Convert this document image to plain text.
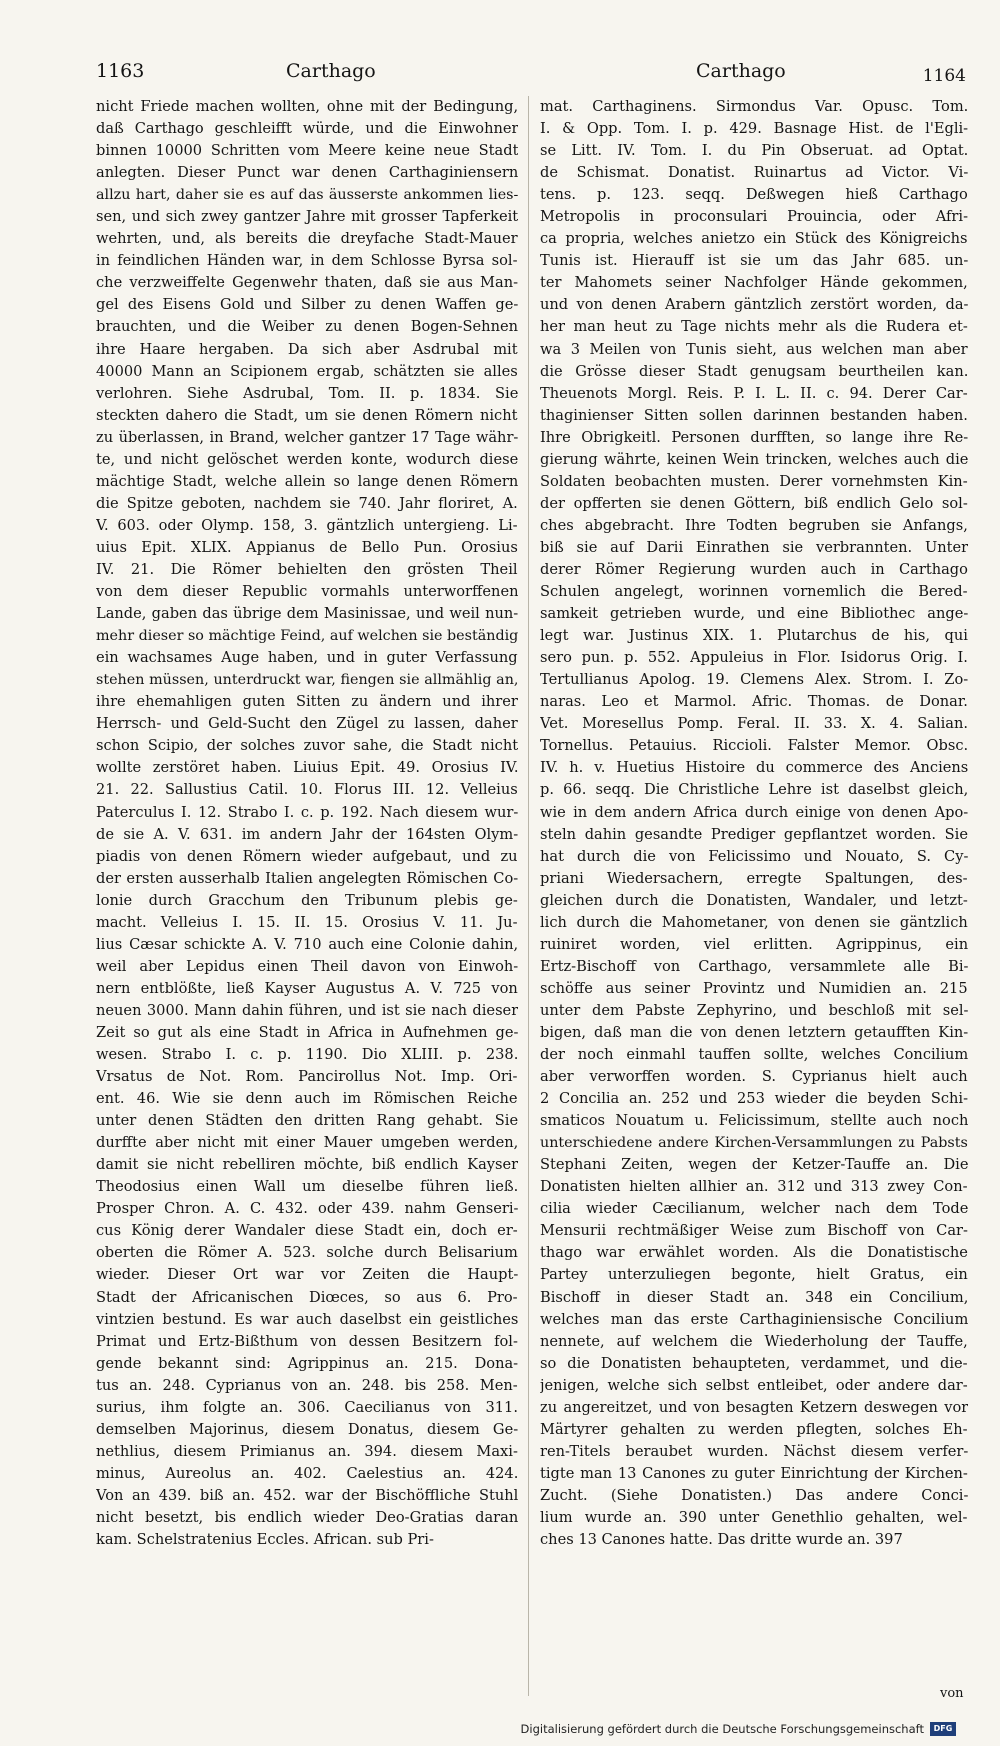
1163	Carthago	Carthago	1164
nicht Friede machen wollten, ohne mit der Bedingung,
daß Carthago geschleifft würde, und die Einwohner
binnen 10000 Schritten vom Meere keine neue Stadt
anlegten. Dieser Punct war denen Carthaginiensern
allzu hart, daher sie es auf das äusserste ankommen lies-
sen, und sich zwey gantzer Jahre mit grosser Tapferkeit
wehrten, und, als bereits die dreyfache Stadt-Mauer
in feindlichen Händen war, in dem Schlosse Byrsa sol-
che verzweiffelte Gegenwehr thaten, daß sie aus Man-
gel des Eisens Gold und Silber zu denen Waffen ge-
brauchten, und die Weiber zu denen Bogen-Sehnen
ihre Haare hergaben. Da sich aber Asdrubal mit
40000 Mann an Scipionem ergab, schätzten sie alles
verlohren. Siehe Asdrubal, Tom. II. p. 1834. Sie
steckten dahero die Stadt, um sie denen Römern nicht
zu überlassen, in Brand, welcher gantzer 17 Tage währ-
te, und nicht gelöschet werden konte, wodurch diese
mächtige Stadt, welche allein so lange denen Römern
die Spitze geboten, nachdem sie 740. Jahr floriret, A.
V. 603. oder Olymp. 158, 3. gäntzlich untergieng. Li-
uius Epit. XLIX. Appianus de Bello Pun. Orosius
IV. 21. Die Römer behielten den grösten Theil
von dem dieser Republic vormahls unterworffenen
Lande, gaben das übrige dem Masinissae, und weil nun-
mehr dieser so mächtige Feind, auf welchen sie beständig
ein wachsames Auge haben, und in guter Verfassung
stehen müssen, unterdruckt war, fiengen sie allmählig an,
ihre ehemahligen guten Sitten zu ändern und ihrer
Herrsch- und Geld-Sucht den Zügel zu lassen, daher
schon Scipio, der solches zuvor sahe, die Stadt nicht
wollte zerstöret haben. Liuius Epit. 49. Orosius IV.
21. 22. Sallustius Catil. 10. Florus III. 12. Velleius
Paterculus I. 12. Strabo I. c. p. 192. Nach diesem wur-
de sie A. V. 631. im andern Jahr der 164sten Olym-
piadis von denen Römern wieder aufgebaut, und zu
der ersten ausserhalb Italien angelegten Römischen Co-
lonie durch Gracchum den Tribunum plebis ge-
macht. Velleius I. 15. II. 15. Orosius V. 11. Ju-
lius Cæsar schickte A. V. 710 auch eine Colonie dahin,
weil aber Lepidus einen Theil davon von Einwoh-
nern entblößte, ließ Kayser Augustus A. V. 725 von
neuen 3000. Mann dahin führen, und ist sie nach dieser
Zeit so gut als eine Stadt in Africa in Aufnehmen ge-
wesen. Strabo I. c. p. 1190. Dio XLIII. p. 238.
Vrsatus de Not. Rom. Pancirollus Not. Imp. Ori-
ent. 46. Wie sie denn auch im Römischen Reiche
unter denen Städten den dritten Rang gehabt. Sie
durffte aber nicht mit einer Mauer umgeben werden,
damit sie nicht rebelliren möchte, biß endlich Kayser
Theodosius einen Wall um dieselbe führen ließ.
Prosper Chron. A. C. 432. oder 439. nahm Genseri-
cus König derer Wandaler diese Stadt ein, doch er-
oberten die Römer A. 523. solche durch Belisarium
wieder. Dieser Ort war vor Zeiten die Haupt-
Stadt der Africanischen Diœces, so aus 6. Pro-
vintzien bestund. Es war auch daselbst ein geistliches
Primat und Ertz-Bißthum von dessen Besitzern fol-
gende bekannt sind: Agrippinus an. 215. Dona-
tus an. 248. Cyprianus von an. 248. bis 258. Men-
surius, ihm folgte an. 306. Caecilianus von 311.
demselben Majorinus, diesem Donatus, diesem Ge-
nethlius, diesem Primianus an. 394. diesem Maxi-
minus, Aureolus an. 402. Caelestius an. 424.
Von an 439. biß an. 452. war der Bischöffliche Stuhl
nicht besetzt, bis endlich wieder Deo-Gratias daran
kam. Schelstratenius Eccles. African. sub Pri-
mat. Carthaginens. Sirmondus Var. Opusc. Tom.
I. & Opp. Tom. I. p. 429. Basnage Hist. de l'Egli-
se Litt. IV. Tom. I. du Pin Obseruat. ad Optat.
de Schismat. Donatist. Ruinartus ad Victor. Vi-
tens. p. 123. seqq. Deßwegen hieß Carthago
Metropolis in proconsulari Prouincia, oder Afri-
ca propria, welches anietzo ein Stück des Königreichs
Tunis ist. Hierauff ist sie um das Jahr 685. un-
ter Mahomets seiner Nachfolger Hände gekommen,
und von denen Arabern gäntzlich zerstört worden, da-
her man heut zu Tage nichts mehr als die Rudera et-
wa 3 Meilen von Tunis sieht, aus welchen man aber
die Grösse dieser Stadt genugsam beurtheilen kan.
Theuenots Morgl. Reis. P. I. L. II. c. 94. Derer Car-
thaginienser Sitten sollen darinnen bestanden haben.
Ihre Obrigkeitl. Personen durfften, so lange ihre Re-
gierung währte, keinen Wein trincken, welches auch die
Soldaten beobachten musten. Derer vornehmsten Kin-
der opfferten sie denen Göttern, biß endlich Gelo sol-
ches abgebracht. Ihre Todten begruben sie Anfangs,
biß sie auf Darii Einrathen sie verbrannten. Unter
derer Römer Regierung wurden auch in Carthago
Schulen angelegt, worinnen vornemlich die Bered-
samkeit getrieben wurde, und eine Bibliothec ange-
legt war. Justinus XIX. 1. Plutarchus de his, qui
sero pun. p. 552. Appuleius in Flor. Isidorus Orig. I.
Tertullianus Apolog. 19. Clemens Alex. Strom. I. Zo-
naras. Leo et Marmol. Afric. Thomas. de Donar.
Vet. Moresellus Pomp. Feral. II. 33. X. 4. Salian.
Tornellus. Petauius. Riccioli. Falster Memor. Obsc.
IV. h. v. Huetius Histoire du commerce des Anciens
p. 66. seqq. Die Christliche Lehre ist daselbst gleich,
wie in dem andern Africa durch einige von denen Apo-
steln dahin gesandte Prediger gepflantzet worden. Sie
hat durch die von Felicissimo und Nouato, S. Cy-
priani Wiedersachern, erregte Spaltungen, des-
gleichen durch die Donatisten, Wandaler, und letzt-
lich durch die Mahometaner, von denen sie gäntzlich
ruiniret worden, viel erlitten. Agrippinus, ein
Ertz-Bischoff von Carthago, versammlete alle Bi-
schöffe aus seiner Provintz und Numidien an. 215
unter dem Pabste Zephyrino, und beschloß mit sel-
bigen, daß man die von denen letztern getaufften Kin-
der noch einmahl tauffen sollte, welches Concilium
aber verworffen worden. S. Cyprianus hielt auch
2 Concilia an. 252 und 253 wieder die beyden Schi-
smaticos Nouatum u. Felicissimum, stellte auch noch
unterschiedene andere Kirchen-Versammlungen zu Pabsts
Stephani Zeiten, wegen der Ketzer-Tauffe an. Die
Donatisten hielten allhier an. 312 und 313 zwey Con-
cilia wieder Cæcilianum, welcher nach dem Tode
Mensurii rechtmäßiger Weise zum Bischoff von Car-
thago war erwählet worden. Als die Donatistische
Partey unterzuliegen begonte, hielt Gratus, ein
Bischoff in dieser Stadt an. 348 ein Concilium,
welches man das erste Carthaginiensische Concilium
nennete, auf welchem die Wiederholung der Tauffe,
so die Donatisten behaupteten, verdammet, und die-
jenigen, welche sich selbst entleibet, oder andere dar-
zu angereitzet, und von besagten Ketzern deswegen vor
Märtyrer gehalten zu werden pflegten, solches Eh-
ren-Titels beraubet wurden. Nächst diesem verfer-
tigte man 13 Canones zu guter Einrichtung der Kirchen-
Zucht. (Siehe Donatisten.) Das andere Conci-
lium wurde an. 390 unter Genethlio gehalten, wel-
ches 13 Canones hatte. Das dritte wurde an. 397
von
Digitalisierung gefördert durch die Deutsche Forschungsgemeinschaft	DFG
